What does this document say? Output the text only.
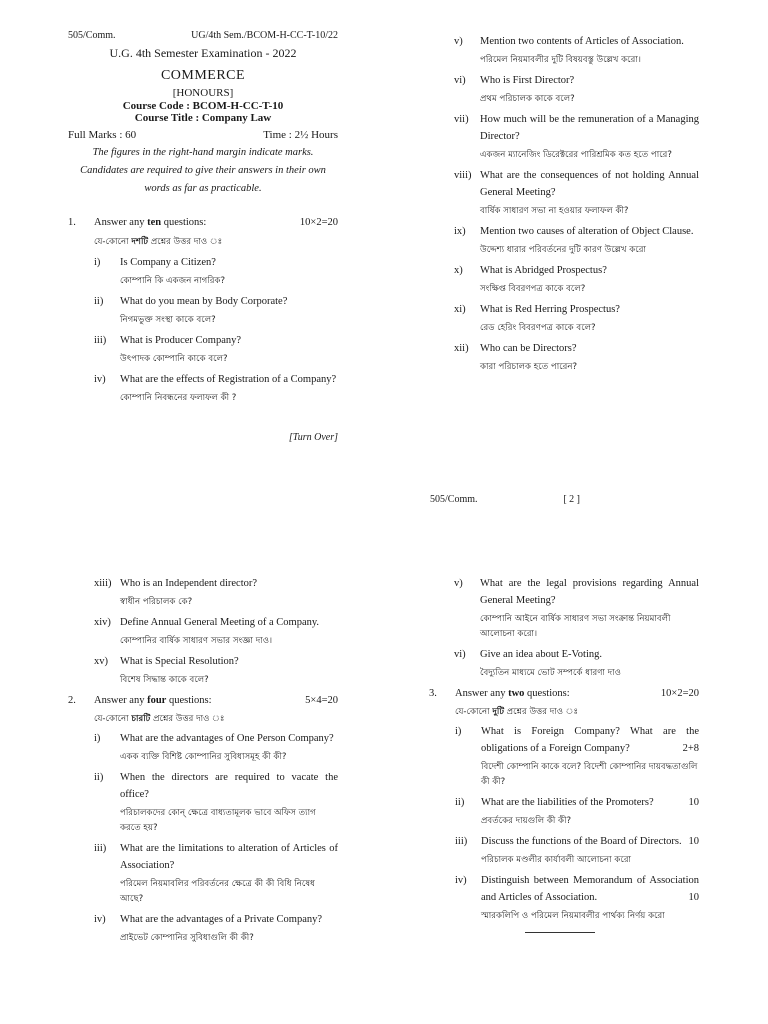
505/Comm.	UG/4th Sem./BCOM-H-CC-T-10/22
U.G. 4th Semester Examination - 2022
COMMERCE
[HONOURS]
Course Code : BCOM-H-CC-T-10
Course Title : Company Law
Full Marks : 60	Time : 2½ Hours
The figures in the right-hand margin indicate marks. Candidates are required to give their answers in their own words as far as practicable.
1.	Answer any ten questions:	10×2=20
যে-কোনো দশটি প্রশ্নের উত্তর দাও ঃ
i)	Is Company a Citizen?
কোম্পানি কি একজন নাগরিক?
ii)	What do you mean by Body Corporate?
নিগমভুক্ত সংস্থা কাকে বলে?
iii)	What is Producer Company?
উৎপাদক কোম্পানি কাকে বলে?
iv)	What are the effects of Registration of a Company?
কোম্পানি নিবন্ধনের ফলাফল কী ?
[Turn Over]
v)	Mention two contents of Articles of Association.
পরিমেল নিয়মাবলীর দুটি বিষয়বস্তু উল্লেখ করো।
vi)	Who is First Director?
প্রথম পরিচালক কাকে বলে?
vii)	How much will be the remuneration of a Managing Director?
একজন ম্যানেজিং ডিরেক্টরের পারিশ্রমিক কত হতে পারে?
viii) What are the consequences of not holding Annual General Meeting?
বার্ষিক সাধারণ সভা না হওয়ার ফলাফল কী?
ix)	Mention two causes of alteration of Object Clause.
উদ্দেশ্য ধারার পরিবর্তনের দুটি কারণ উল্লেখ করো
x)	What is Abridged Prospectus?
সংক্ষিপ্ত বিবরণপত্র কাকে বলে?
xi)	What is Red Herring Prospectus?
রেড হেরিং বিবরণপত্র কাকে বলে?
xii)	Who can be Directors?
কারা পরিচালক হতে পারেন?
505/Comm.	[ 2 ]
xiii) Who is an Independent director?
স্বাধীন পরিচালক কে?
xiv) Define Annual General Meeting of a Company.
কোম্পানির বার্ষিক সাধারণ সভার সংজ্ঞা দাও।
xv)	What is Special Resolution?
বিশেষ সিদ্ধান্ত কাকে বলে?
2.	Answer any four questions:	5×4=20
যে-কোনো চারটি প্রশ্নের উত্তর দাও ঃ
i)	What are the advantages of One Person Company?
একক ব্যক্তি বিশিষ্ট কোম্পানির সুবিধাসমূহ কী কী?
ii)	When the directors are required to vacate the office?
পরিচালকদের কোন্‌ ক্ষেত্রে বাধ্যতামূলক ভাবে অফিস ত্যাগ করতে হয়?
iii)	What are the limitations to alteration of Articles of Association?
পরিমেল নিয়মাবলির পরিবর্তনের ক্ষেত্রে কী কী বিধি নিষেধ আছে?
iv)	What are the advantages of a Private Company?
প্রাইভেট কোম্পানির সুবিধাগুলি কী কী?
v)	What are the legal provisions regarding Annual General Meeting?
কোম্পানি আইনে বার্ষিক সাধারণ সভা সংক্রান্ত নিয়মাবলী আলোচনা করো।
vi)	Give an idea about E-Voting.
বৈদ্যুতিন মাধ্যমে ভোট সম্পর্কে ধারণা দাও
3.	Answer any two questions:	10×2=20
যে-কোনো দুটি প্রশ্নের উত্তর দাও ঃ
i)	What is Foreign Company? What are the obligations of a Foreign Company?	2+8
বিদেশী কোম্পানি কাকে বলে? বিদেশী কোম্পানির দায়বদ্ধতাগুলি কী কী?
ii)	What are the liabilities of the Promoters?	10
প্রবর্তকের দায়গুলি কী কী?
iii)	Discuss the functions of the Board of Directors. 10
পরিচালক মণ্ডলীর কার্যাবলী আলোচনা করো
iv)	Distinguish between Memorandum of Association and Articles of Association.	10
স্মারকলিপি ও পরিমেল নিয়মাবলীর পার্থক্য নির্ণয় করো
